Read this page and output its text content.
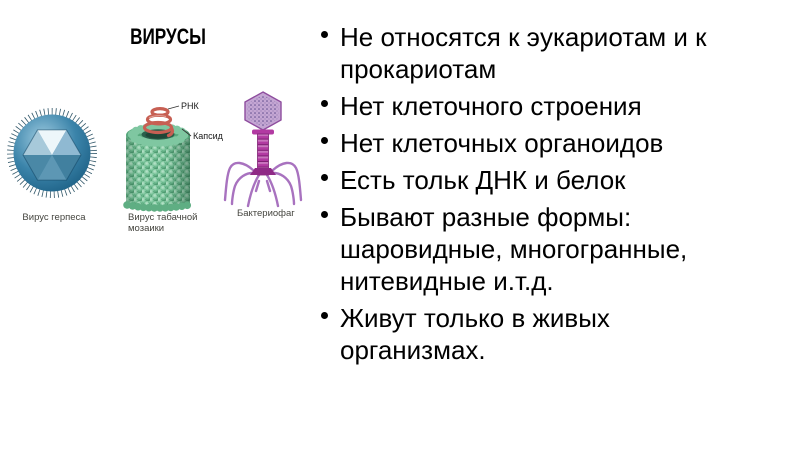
ВИРУСЫ
Вирус герпеса
РНК
Капсид
Вирус табачной мозаики
Бактериофаг
Не относятся к эукариотам и к прокариотам
Нет клеточного строения
Нет клеточных органоидов
Есть тольк ДНК и белок
Бывают разные формы: шаровидные, многогранные, нитевидные и.т.д.
Живут только в живых организмах.
